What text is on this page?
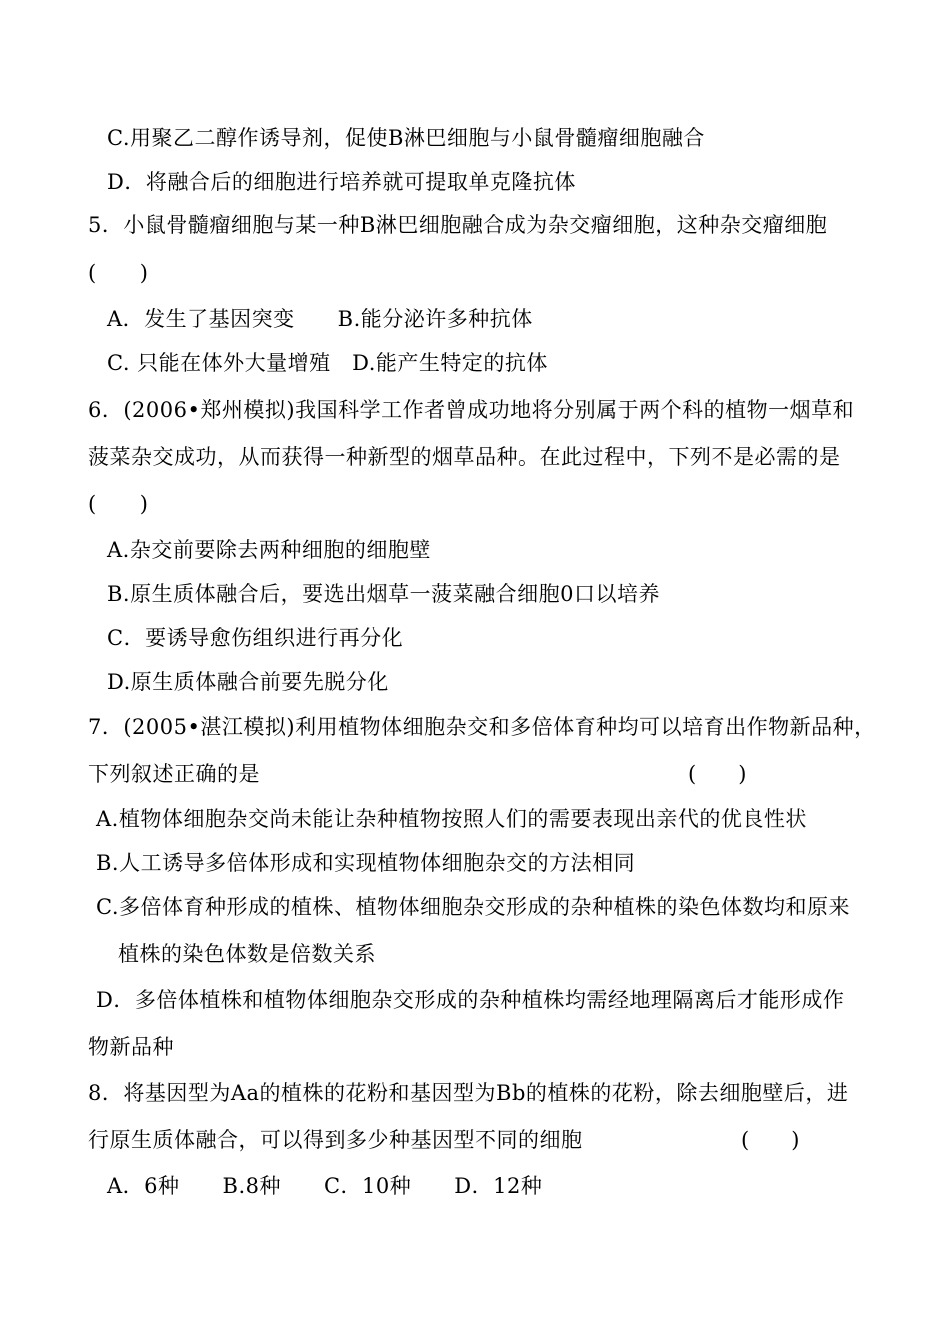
C.用聚乙二醇作诱导剂，促使B淋巴细胞与小鼠骨髓瘤细胞融合
D．将融合后的细胞进行培养就可提取单克隆抗体
5．小鼠骨髓瘤细胞与某一种B淋巴细胞融合成为杂交瘤细胞，这种杂交瘤细胞
(　　)
A．发生了基因突变　　B.能分泌许多种抗体
C. 只能在体外大量增殖　D.能产生特定的抗体
6．(2006•郑州模拟)我国科学工作者曾成功地将分别属于两个科的植物一烟草和
菠菜杂交成功，从而获得一种新型的烟草品种。在此过程中，下列不是必需的是
(　　)
A.杂交前要除去两种细胞的细胞壁
B.原生质体融合后，要选出烟草一菠菜融合细胞0口以培养
C．要诱导愈伤组织进行再分化
D.原生质体融合前要先脱分化
7．(2005•湛江模拟)利用植物体细胞杂交和多倍体育种均可以培育出作物新品种，
下列叙述正确的是	(　　)
A.植物体细胞杂交尚未能让杂种植物按照人们的需要表现出亲代的优良性状
B.人工诱导多倍体形成和实现植物体细胞杂交的方法相同
C.多倍体育种形成的植株、植物体细胞杂交形成的杂种植株的染色体数均和原来
植株的染色体数是倍数关系
D．多倍体植株和植物体细胞杂交形成的杂种植株均需经地理隔离后才能形成作
物新品种
8．将基因型为Aa的植株的花粉和基因型为Bb的植株的花粉，除去细胞壁后，进
行原生质体融合，可以得到多少种基因型不同的细胞	(　　)
A．6种　　B.8种　　C．10种　　D．12种
